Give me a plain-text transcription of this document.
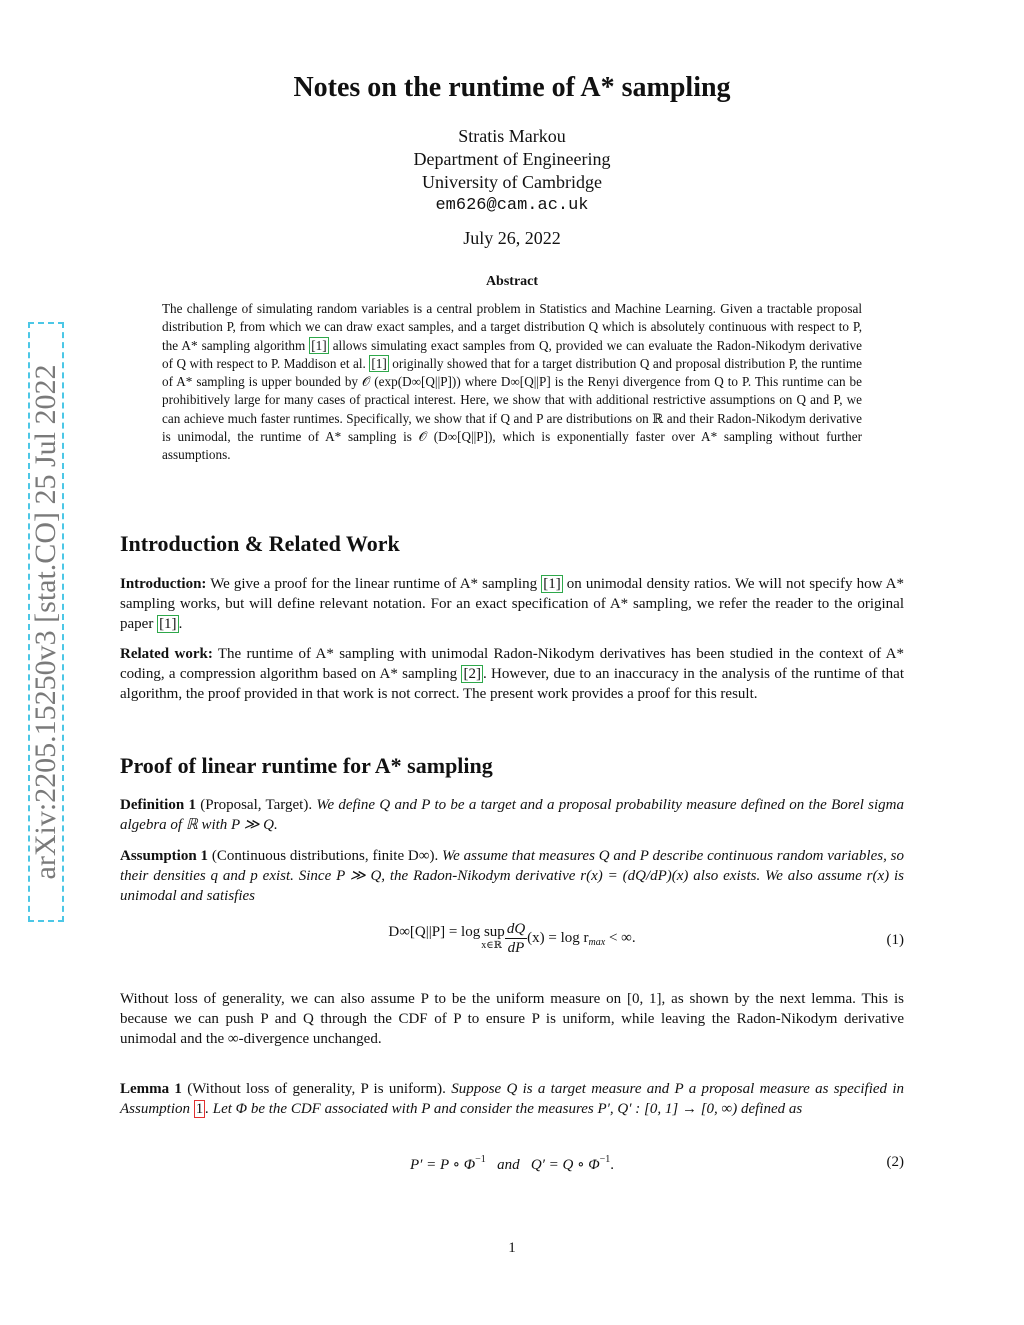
arXiv:2205.15250v3 [stat.CO] 25 Jul 2022
Notes on the runtime of A* sampling
Stratis Markou
Department of Engineering
University of Cambridge
em626@cam.ac.uk
July 26, 2022
Abstract
The challenge of simulating random variables is a central problem in Statistics and Machine Learning. Given a tractable proposal distribution P, from which we can draw exact samples, and a target distribution Q which is absolutely continuous with respect to P, the A* sampling algorithm [1] allows simulating exact samples from Q, provided we can evaluate the Radon-Nikodym derivative of Q with respect to P. Maddison et al. [1] originally showed that for a target distribution Q and proposal distribution P, the runtime of A* sampling is upper bounded by 𝒪 (exp(D∞[Q||P])) where D∞[Q||P] is the Renyi divergence from Q to P. This runtime can be prohibitively large for many cases of practical interest. Here, we show that with additional restrictive assumptions on Q and P, we can achieve much faster runtimes. Specifically, we show that if Q and P are distributions on ℝ and their Radon-Nikodym derivative is unimodal, the runtime of A* sampling is 𝒪 (D∞[Q||P]), which is exponentially faster over A* sampling without further assumptions.
Introduction & Related Work
Introduction: We give a proof for the linear runtime of A* sampling [1] on unimodal density ratios. We will not specify how A* sampling works, but will define relevant notation. For an exact specification of A* sampling, we refer the reader to the original paper [1] .
Related work: The runtime of A* sampling with unimodal Radon-Nikodym derivatives has been studied in the context of A* coding, a compression algorithm based on A* sampling [2] . However, due to an inaccuracy in the analysis of the runtime of that algorithm, the proof provided in that work is not correct. The present work provides a proof for this result.
Proof of linear runtime for A* sampling
Definition 1 (Proposal, Target). We define Q and P to be a target and a proposal probability measure defined on the Borel sigma algebra of ℝ with P ≫ Q.
Assumption 1 (Continuous distributions, finite D∞). We assume that measures Q and P describe continuous random variables, so their densities q and p exist. Since P ≫ Q, the Radon-Nikodym derivative r(x) = (dQ/dP)(x) also exists. We also assume r(x) is unimodal and satisfies
D∞[Q||P] = log sup
x∈ℝ $\frac{dQ}{dP} (x) = \log r_{max}$ < ∞.	(1)
Without loss of generality, we can also assume P to be the uniform measure on [0, 1], as shown by the next lemma. This is because we can push P and Q through the CDF of P to ensure P is uniform, while leaving the Radon-Nikodym derivative unimodal and the ∞-divergence unchanged.
Lemma 1 (Without loss of generality, P is uniform). Suppose Q is a target measure and P a proposal measure as specified in Assumption 1 . Let Φ be the CDF associated with P and consider the measures P′, Q′ : [0, 1] → [0, ∞) defined as
P′ = P ∘ $\Phi^{-1}$ and Q′ = Q ∘ $\Phi^{-1}$.	(2)
1
